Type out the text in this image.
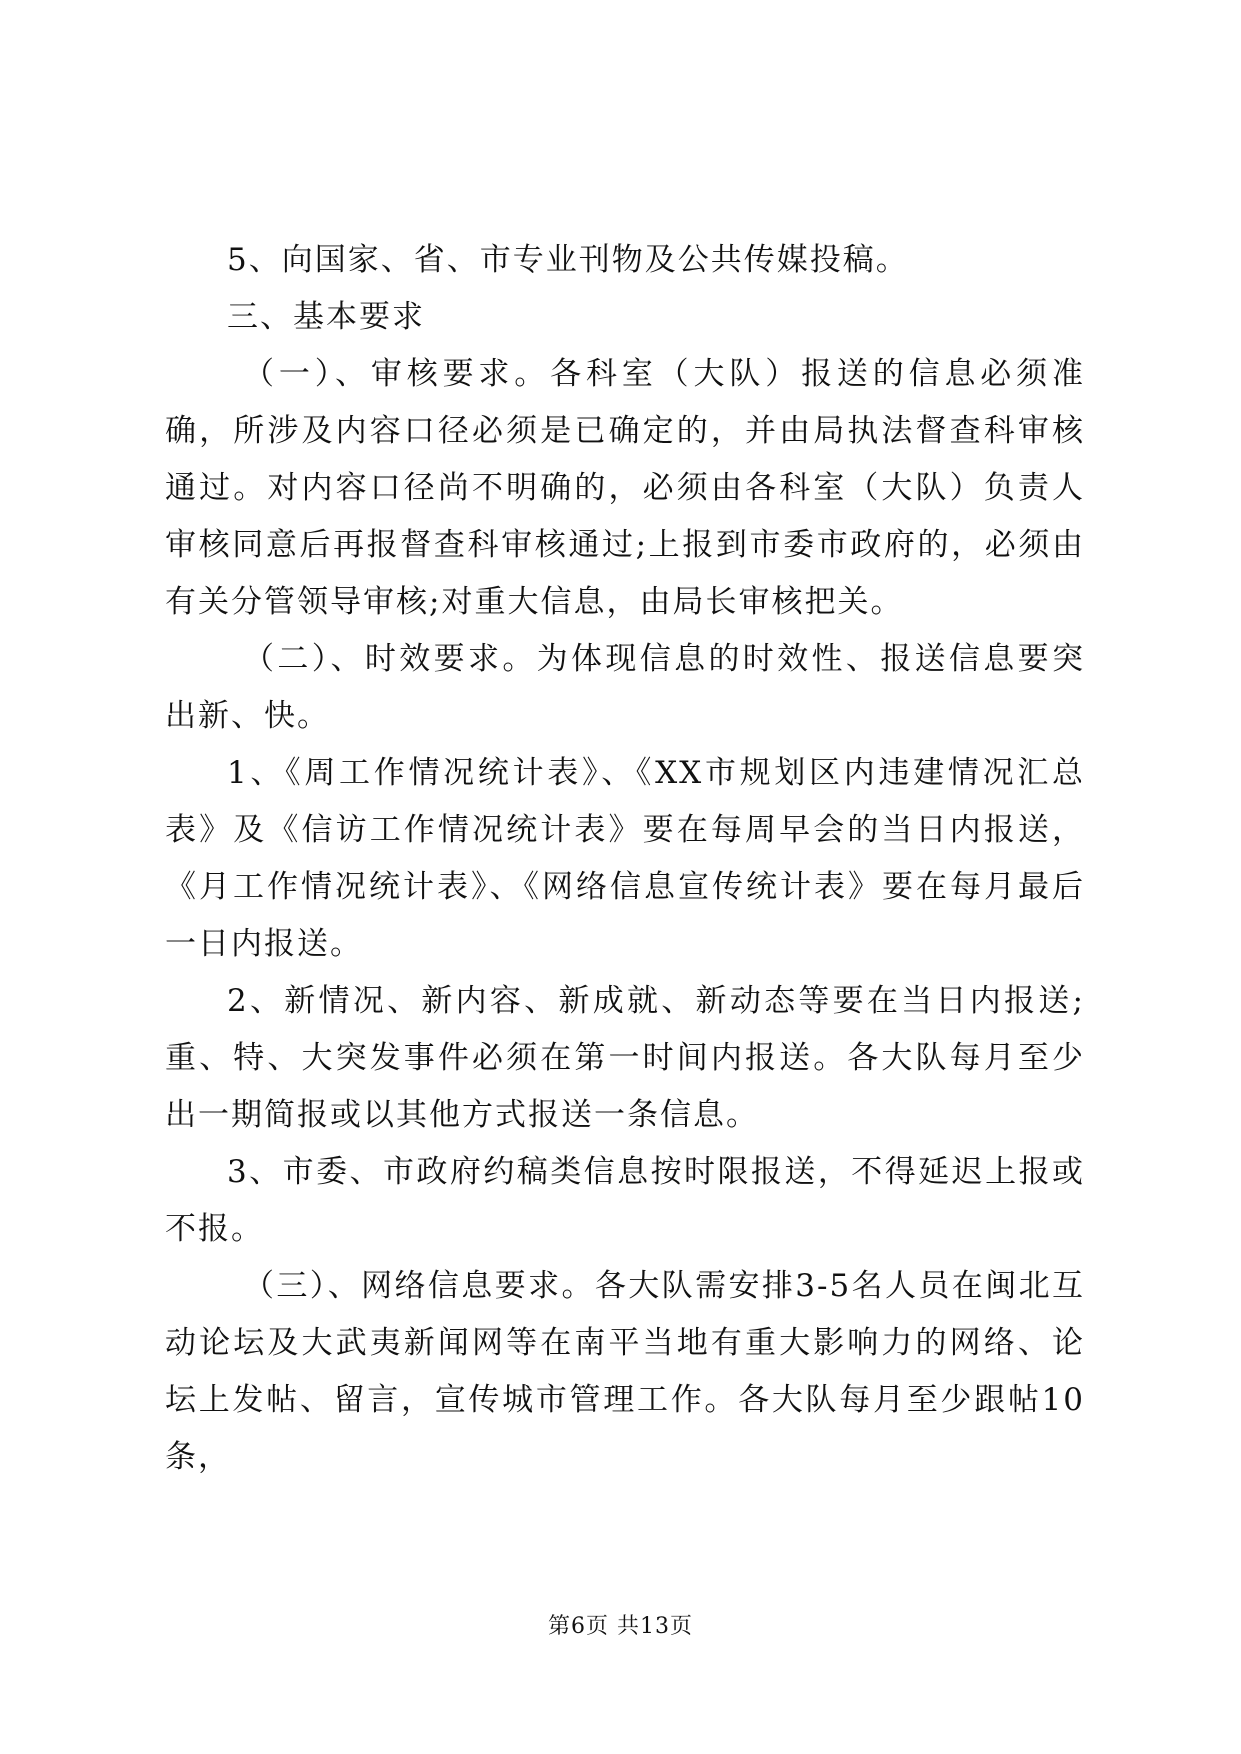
5、向国家、省、市专业刊物及公共传媒投稿。

三、基本要求

（一）、审核要求。各科室（大队）报送的信息必须准确，所涉及内容口径必须是已确定的，并由局执法督查科审核通过。对内容口径尚不明确的，必须由各科室（大队）负责人审核同意后再报督查科审核通过;上报到市委市政府的，必须由有关分管领导审核;对重大信息，由局长审核把关。

（二）、时效要求。为体现信息的时效性、报送信息要突出新、快。

1、《周工作情况统计表》、《XX市规划区内违建情况汇总表》及《信访工作情况统计表》要在每周早会的当日内报送，《月工作情况统计表》、《网络信息宣传统计表》要在每月最后一日内报送。

2、新情况、新内容、新成就、新动态等要在当日内报送;重、特、大突发事件必须在第一时间内报送。各大队每月至少出一期简报或以其他方式报送一条信息。

3、市委、市政府约稿类信息按时限报送，不得延迟上报或不报。

（三）、网络信息要求。各大队需安排3-5名人员在闽北互动论坛及大武夷新闻网等在南平当地有重大影响力的网络、论坛上发帖、留言，宣传城市管理工作。各大队每月至少跟帖10条，

第6页 共13页
